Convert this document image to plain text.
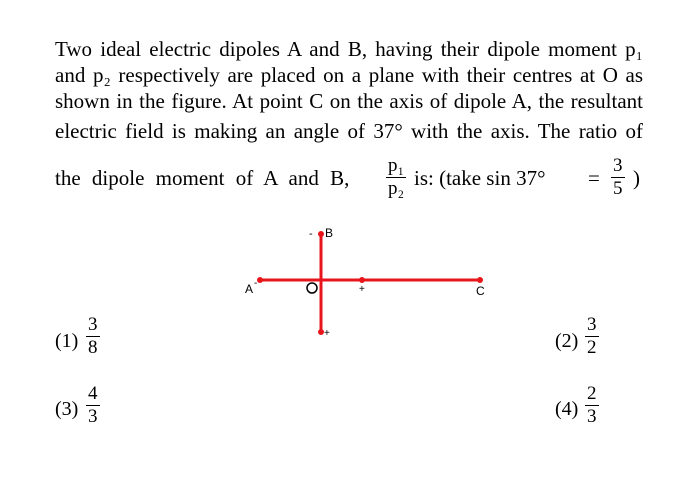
Two ideal electric dipoles A and B, having their dipole moment p₁
and p₂ respectively are placed on a plane with their centres at O as
shown in the figure. At point C on the axis of dipole A, the resultant
electric field is making an angle of 37° with the axis. The ratio of
the dipole moment of A and B,	$\frac{\text{p₁}}{\text{p₂}}$ is: (take sin 37°	= $\frac{3}{5}$ )
A -
B
-
+
+	C
$(1) \frac{3}{8}$	$(2) \frac{3}{2}$
$(3) \frac{4}{3}$	$(4) \frac{2}{3}$
